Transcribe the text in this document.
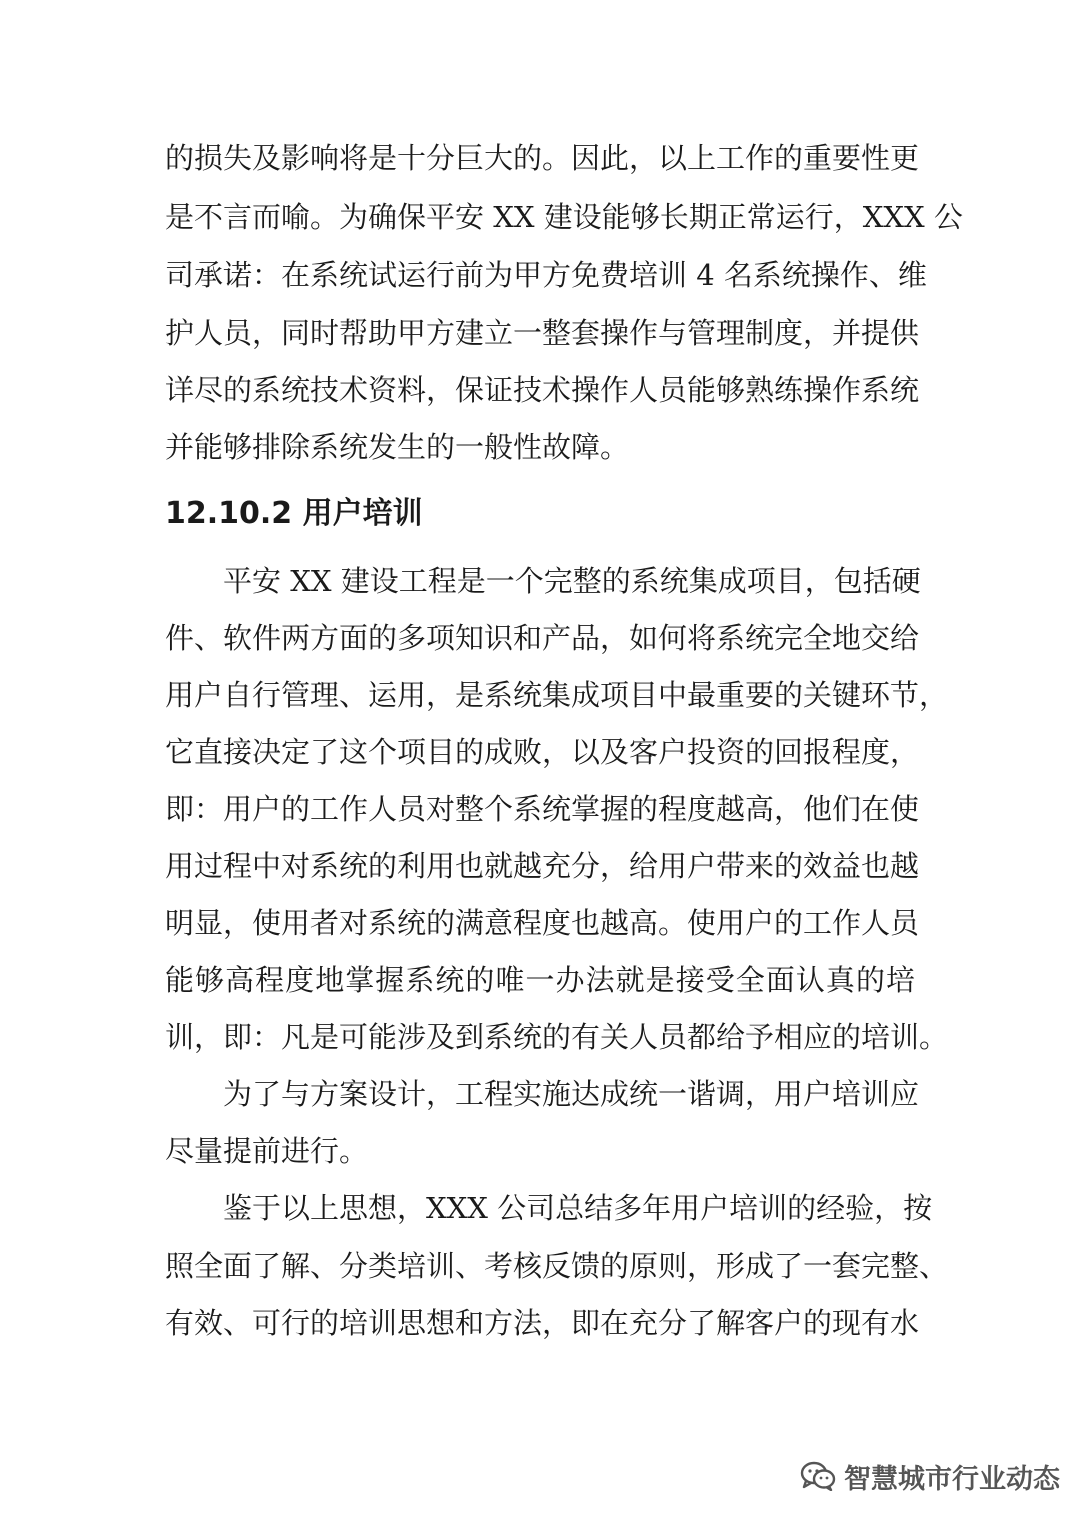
的损失及影响将是十分巨大的。因此，以上工作的重要性更
是不言而喻。为确保平安 XX 建设能够长期正常运行，XXX 公
司承诺：在系统试运行前为甲方免费培训 4 名系统操作、维
护人员，同时帮助甲方建立一整套操作与管理制度，并提供
详尽的系统技术资料，保证技术操作人员能够熟练操作系统
并能够排除系统发生的一般性故障。
12.10.2 用户培训
平安 XX 建设工程是一个完整的系统集成项目，包括硬
件、软件两方面的多项知识和产品，如何将系统完全地交给
用户自行管理、运用，是系统集成项目中最重要的关键环节，
它直接决定了这个项目的成败，以及客户投资的回报程度，
即：用户的工作人员对整个系统掌握的程度越高，他们在使
用过程中对系统的利用也就越充分，给用户带来的效益也越
明显，使用者对系统的满意程度也越高。使用户的工作人员
能够高程度地掌握系统的唯一办法就是接受全面认真的培
训，即：凡是可能涉及到系统的有关人员都给予相应的培训。
为了与方案设计，工程实施达成统一谐调，用户培训应
尽量提前进行。
鉴于以上思想，XXX 公司总结多年用户培训的经验，按
照全面了解、分类培训、考核反馈的原则，形成了一套完整、
有效、可行的培训思想和方法，即在充分了解客户的现有水
智慧城市行业动态
